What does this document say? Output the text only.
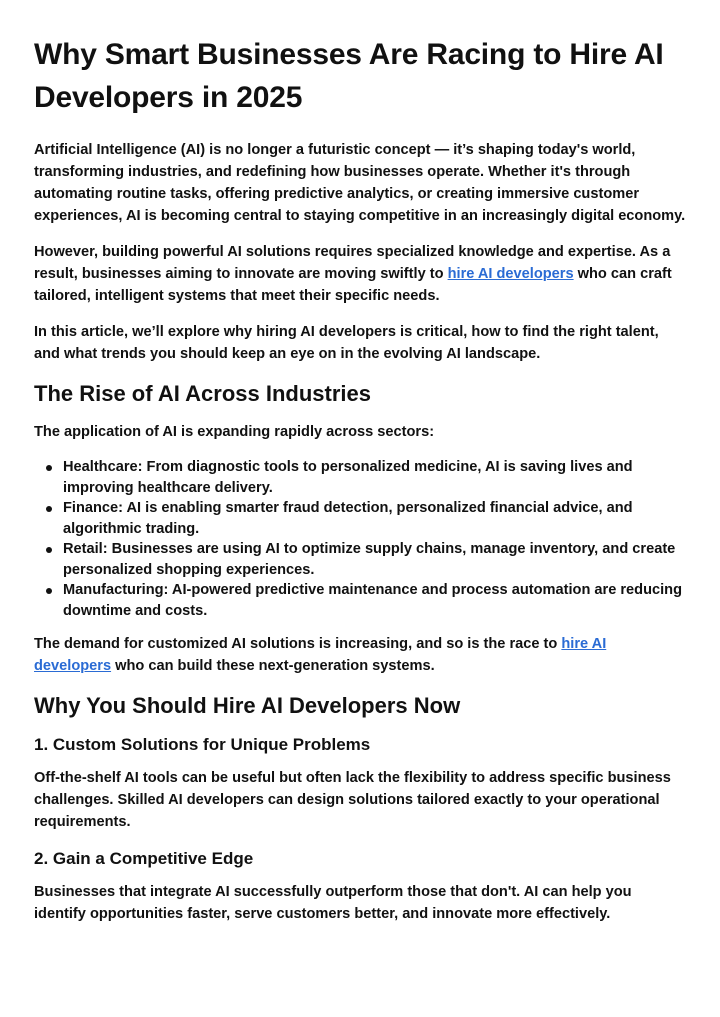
Why Smart Businesses Are Racing to Hire AI Developers in 2025

Artificial Intelligence (AI) is no longer a futuristic concept — it’s shaping today's world, transforming industries, and redefining how businesses operate. Whether it's through automating routine tasks, offering predictive analytics, or creating immersive customer experiences, AI is becoming central to staying competitive in an increasingly digital economy.

However, building powerful AI solutions requires specialized knowledge and expertise. As a result, businesses aiming to innovate are moving swiftly to hire AI developers who can craft tailored, intelligent systems that meet their specific needs.

In this article, we’ll explore why hiring AI developers is critical, how to find the right talent, and what trends you should keep an eye on in the evolving AI landscape.

The Rise of AI Across Industries

The application of AI is expanding rapidly across sectors:

Healthcare: From diagnostic tools to personalized medicine, AI is saving lives and improving healthcare delivery.
Finance: AI is enabling smarter fraud detection, personalized financial advice, and algorithmic trading.
Retail: Businesses are using AI to optimize supply chains, manage inventory, and create personalized shopping experiences.
Manufacturing: AI-powered predictive maintenance and process automation are reducing downtime and costs.

The demand for customized AI solutions is increasing, and so is the race to hire AI developers who can build these next-generation systems.

Why You Should Hire AI Developers Now
1. Custom Solutions for Unique Problems

Off-the-shelf AI tools can be useful but often lack the flexibility to address specific business challenges. Skilled AI developers can design solutions tailored exactly to your operational requirements.

2. Gain a Competitive Edge

Businesses that integrate AI successfully outperform those that don't. AI can help you identify opportunities faster, serve customers better, and innovate more effectively.
